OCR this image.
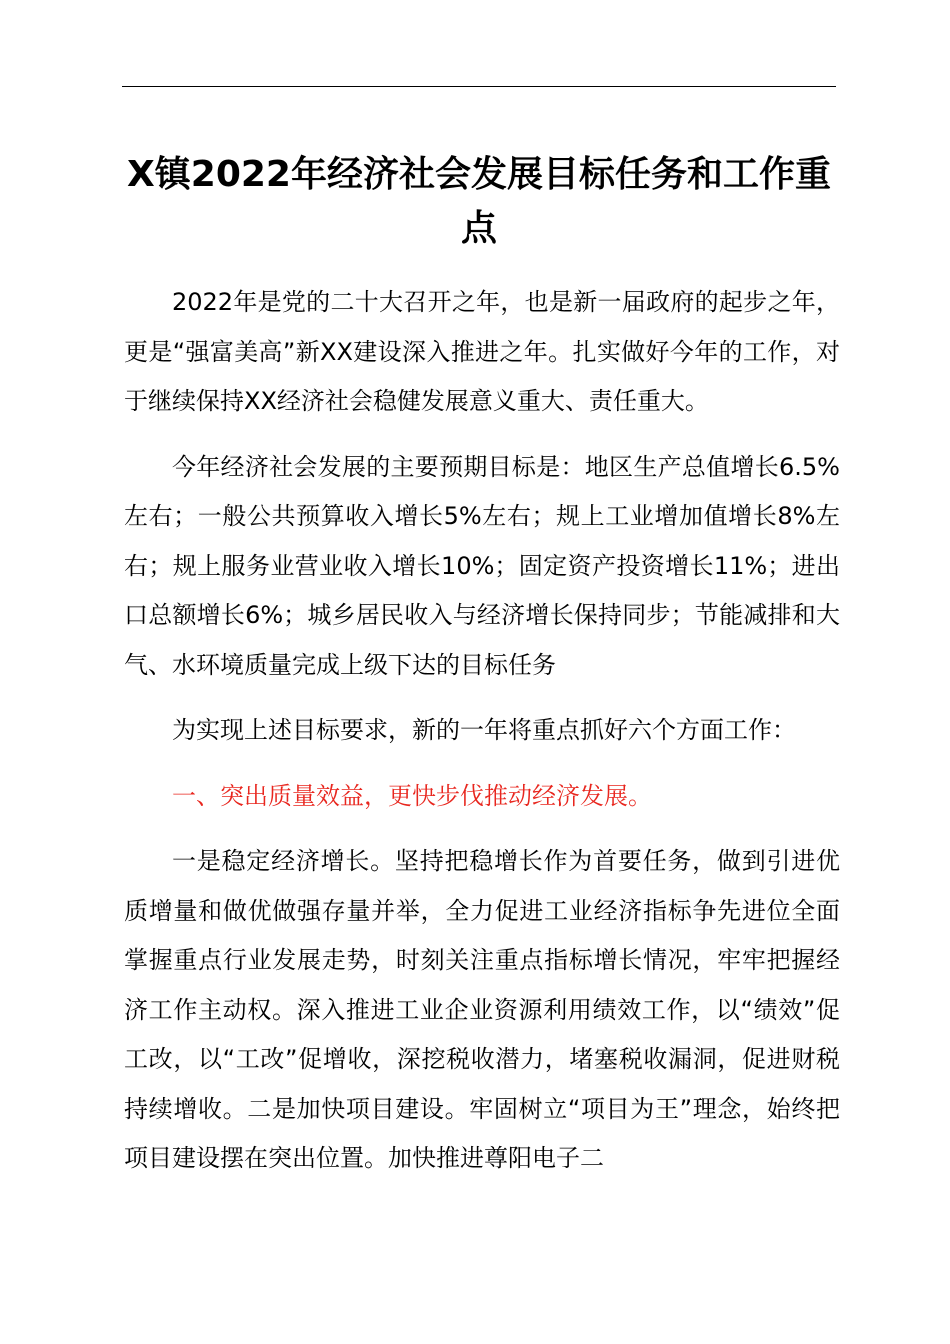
X镇2022年经济社会发展目标任务和工作重点

2022年是党的二十大召开之年，也是新一届政府的起步之年，更是“强富美高”新XX建设深入推进之年。扎实做好今年的工作，对于继续保持XX经济社会稳健发展意义重大、责任重大。

今年经济社会发展的主要预期目标是：地区生产总值增长6.5%左右；一般公共预算收入增长5%左右；规上工业增加值增长8%左右；规上服务业营业收入增长10%；固定资产投资增长11%；进出口总额增长6%；城乡居民收入与经济增长保持同步；节能减排和大气、水环境质量完成上级下达的目标任务

为实现上述目标要求，新的一年将重点抓好六个方面工作：

一、突出质量效益，更快步伐推动经济发展。

一是稳定经济增长。坚持把稳增长作为首要任务，做到引进优质增量和做优做强存量并举，全力促进工业经济指标争先进位全面掌握重点行业发展走势，时刻关注重点指标增长情况，牢牢把握经济工作主动权。深入推进工业企业资源利用绩效工作，以“绩效”促工改，以“工改”促增收，深挖税收潜力，堵塞税收漏洞，促进财税持续增收。二是加快项目建设。牢固树立“项目为王”理念，始终把项目建设摆在突出位置。加快推进尊阳电子二
